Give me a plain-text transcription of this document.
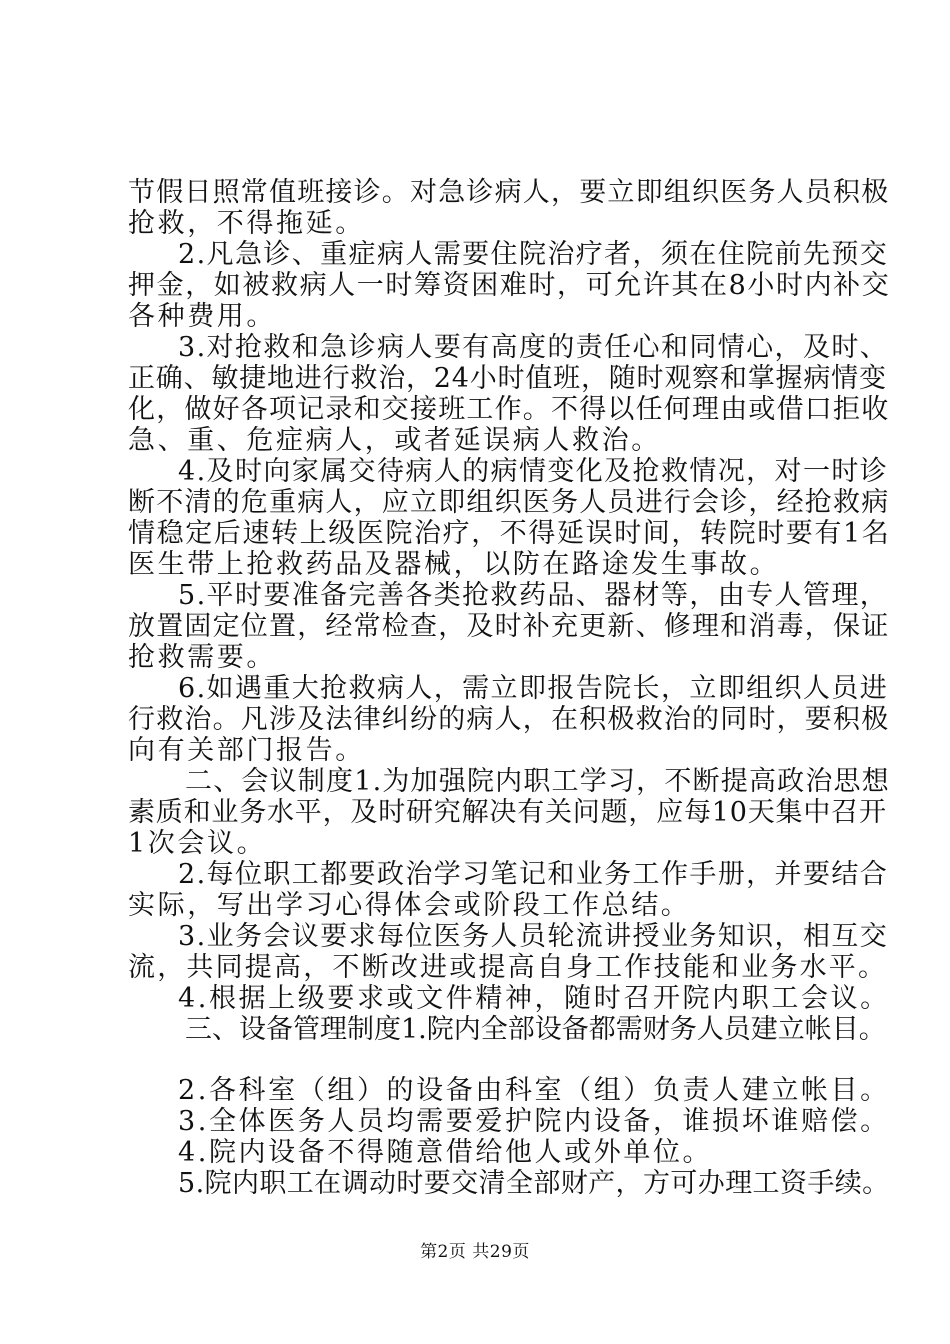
节假日照常值班接诊。对急诊病人，要立即组织医务人员积极
抢救，不得拖延。
2.凡急诊、重症病人需要住院治疗者，须在住院前先预交
押金，如被救病人一时筹资困难时，可允许其在8小时内补交
各种费用。
3.对抢救和急诊病人要有高度的责任心和同情心，及时、
正确、敏捷地进行救治，24小时值班，随时观察和掌握病情变
化，做好各项记录和交接班工作。不得以任何理由或借口拒收
急、重、危症病人，或者延误病人救治。
4.及时向家属交待病人的病情变化及抢救情况，对一时诊
断不清的危重病人，应立即组织医务人员进行会诊，经抢救病
情稳定后速转上级医院治疗，不得延误时间，转院时要有1名
医生带上抢救药品及器械，以防在路途发生事故。
5.平时要准备完善各类抢救药品、器材等，由专人管理，
放置固定位置，经常检查，及时补充更新、修理和消毒，保证
抢救需要。
6.如遇重大抢救病人，需立即报告院长，立即组织人员进
行救治。凡涉及法律纠纷的病人，在积极救治的同时，要积极
向有关部门报告。
二、会议制度1.为加强院内职工学习，不断提高政治思想
素质和业务水平，及时研究解决有关问题，应每10天集中召开
1次会议。
2.每位职工都要政治学习笔记和业务工作手册，并要结合
实际，写出学习心得体会或阶段工作总结。
3.业务会议要求每位医务人员轮流讲授业务知识，相互交
流，共同提高，不断改进或提高自身工作技能和业务水平。
4.根据上级要求或文件精神，随时召开院内职工会议。
三、设备管理制度1.院内全部设备都需财务人员建立帐目。
2.各科室（组）的设备由科室（组）负责人建立帐目。
3.全体医务人员均需要爱护院内设备，谁损坏谁赔偿。
4.院内设备不得随意借给他人或外单位。
5.院内职工在调动时要交清全部财产，方可办理工资手续。
第2页 共29页
